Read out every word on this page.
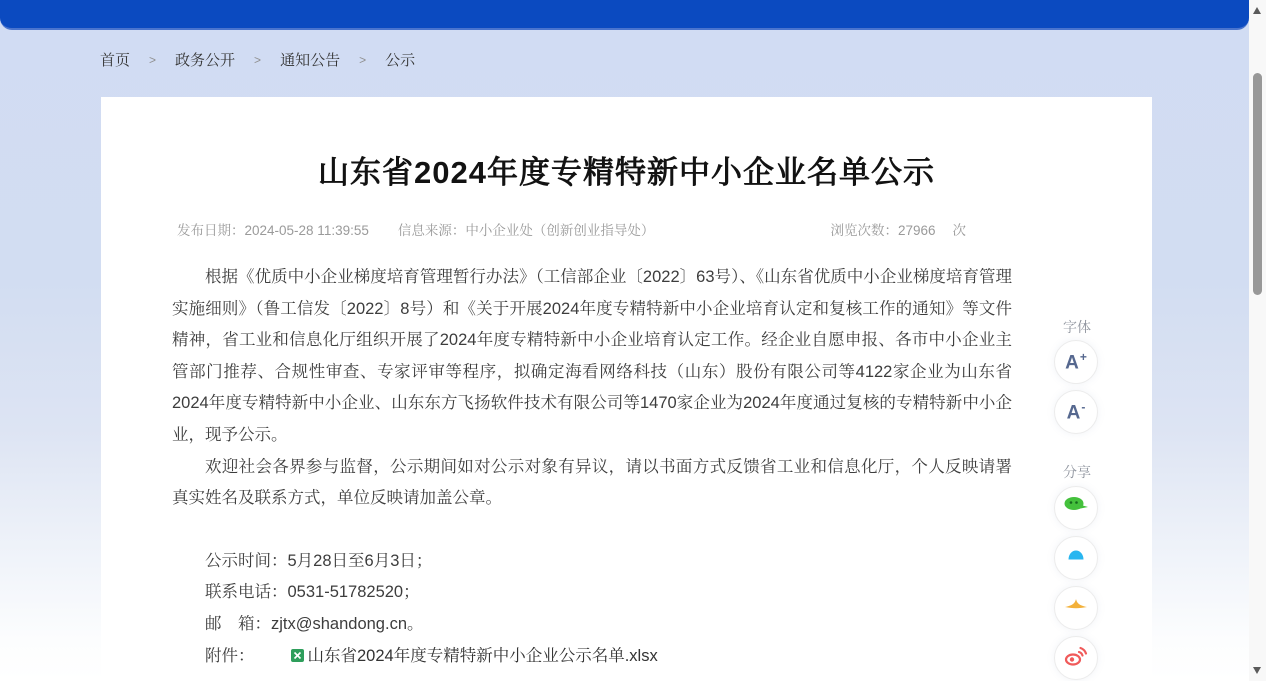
首页 > 政务公开 > 通知公告 > 公示
山东省2024年度专精特新中小企业名单公示
发布日期：2024-05-28 11:39:55 信息来源：中小企业处（创新创业指导处）	浏览次数：27966 次

根据《优质中小企业梯度培育管理暂行办法》（工信部企业〔2022〕63号）、《山东省优质中小企业梯度培育管理实施细则》（鲁工信发〔2022〕8号）和《关于开展2024年度专精特新中小企业培育认定和复核工作的通知》等文件精神，省工业和信息化厅组织开展了2024年度专精特新中小企业培育认定工作。经企业自愿申报、各市中小企业主管部门推荐、合规性审查、专家评审等程序，拟确定海看网络科技（山东）股份有限公司等4122家企业为山东省2024年度专精特新中小企业、山东东方飞扬软件技术有限公司等1470家企业为2024年度通过复核的专精特新中小企业，现予公示。

欢迎社会各界参与监督，公示期间如对公示对象有异议，请以书面方式反馈省工业和信息化厅，个人反映请署真实姓名及联系方式，单位反映请加盖公章。

公示时间：5月28日至6月3日；

联系电话：0531-51782520；

邮　箱：zjtx@shandong.cn。

附件：	山东省2024年度专精特新中小企业公示名单.xlsx

字体
A+
A-
分享
